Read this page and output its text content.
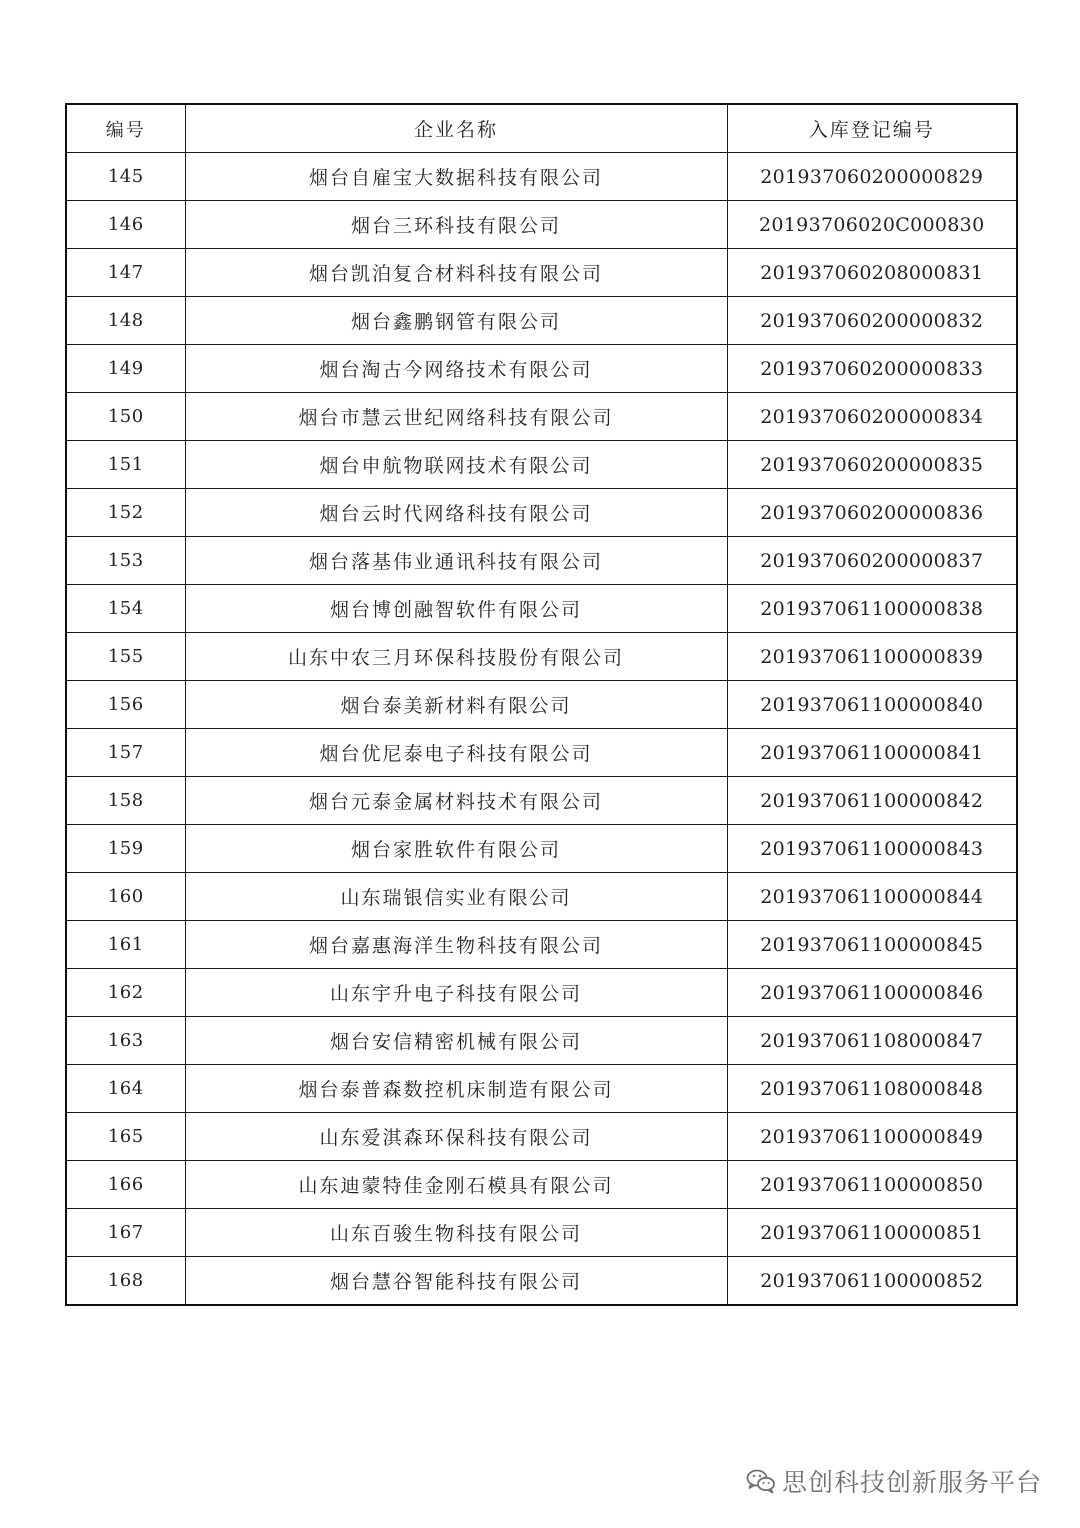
编号	企业名称	入库登记编号
145	烟台自雇宝大数据科技有限公司	201937060200000829
146	烟台三环科技有限公司	20193706020C000830
147	烟台凯泊复合材料科技有限公司	201937060208000831
148	烟台鑫鹏钢管有限公司	201937060200000832
149	烟台淘古今网络技术有限公司	201937060200000833
150	烟台市慧云世纪网络科技有限公司	201937060200000834
151	烟台申航物联网技术有限公司	201937060200000835
152	烟台云时代网络科技有限公司	201937060200000836
153	烟台落基伟业通讯科技有限公司	201937060200000837
154	烟台博创融智软件有限公司	201937061100000838
155	山东中农三月环保科技股份有限公司	201937061100000839
156	烟台泰美新材料有限公司	201937061100000840
157	烟台优尼泰电子科技有限公司	201937061100000841
158	烟台元泰金属材料技术有限公司	201937061100000842
159	烟台家胜软件有限公司	201937061100000843
160	山东瑞银信实业有限公司	201937061100000844
161	烟台嘉惠海洋生物科技有限公司	201937061100000845
162	山东宇升电子科技有限公司	201937061100000846
163	烟台安信精密机械有限公司	201937061108000847
164	烟台泰普森数控机床制造有限公司	201937061108000848
165	山东爱淇森环保科技有限公司	201937061100000849
166	山东迪蒙特佳金刚石模具有限公司	201937061100000850
167	山东百骏生物科技有限公司	201937061100000851
168	烟台慧谷智能科技有限公司	201937061100000852
思创科技创新服务平台
